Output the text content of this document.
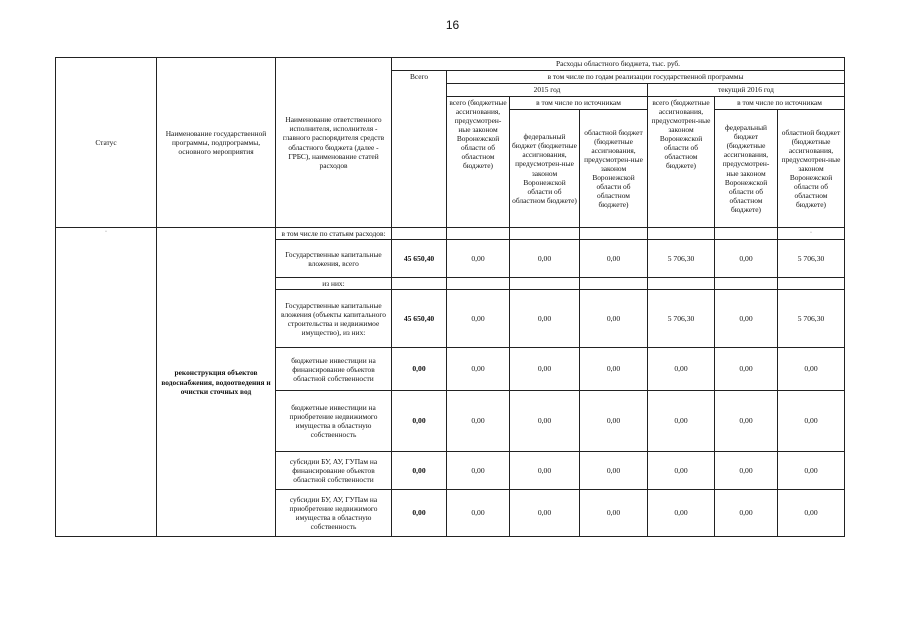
16
Статус	Наименование государственной программы, подпрограммы, основного мероприятия	Наименование ответственного исполнителя, исполнителя - главного распорядителя средств областного бюджета (далее - ГРБС), наименование статей расходов	Расходы областного бюджета, тыс. руб.						
			Всего	в том числе по годам реализации государственной программы					
				2015 год			текущий 2016 год		
				всего (бюджетные ассигнования, предусмотрен-ные законом Воронежской области об областном бюджете)	в том числе по источникам		всего (бюджетные ассигнования, предусмотрен-ные законом Воронежской области об областном бюджете)	в том числе по источникам	
					федеральный бюджет (бюджетные ассигнования, предусмотрен-ные законом Воронежской области об областном бюджете)	областной бюджет (бюджетные ассигнования, предусмотрен-ные законом Воронежской области об областном бюджете)		федеральный бюджет (бюджетные ассигнования, предусмотрен-ные законом Воронежской области об областном бюджете)	областной бюджет (бюджетные ассигнования, предусмотрен-ные законом Воронежской области об областном бюджете)
·	реконструкция объектов водоснабжения, водоотведения и очистки сточных вод	в том числе по статьям расходов:							·
		Государственные капитальные вложения, всего	45 650,40	0,00	0,00	0,00	5 706,30	0,00	5 706,30
		из них:							
		Государственные капитальные вложения (объекты капитального строительства и недвижимое имущество), из них:	45 650,40	0,00	0,00	0,00	5 706,30	0,00	5 706,30
		бюджетные инвестиции на финансирование объектов областной собственности	0,00	0,00	0,00	0,00	0,00	0,00	0,00
		бюджетные инвестиции на приобретение недвижимого имущества в областную собственность	0,00	0,00	0,00	0,00	0,00	0,00	0,00
		субсидии БУ, АУ, ГУПам на финансирование объектов областной собственности	0,00	0,00	0,00	0,00	0,00	0,00	0,00
		субсидии БУ, АУ, ГУПам на приобретение недвижимого имущества в областную собственность	0,00	0,00	0,00	0,00	0,00	0,00	0,00
